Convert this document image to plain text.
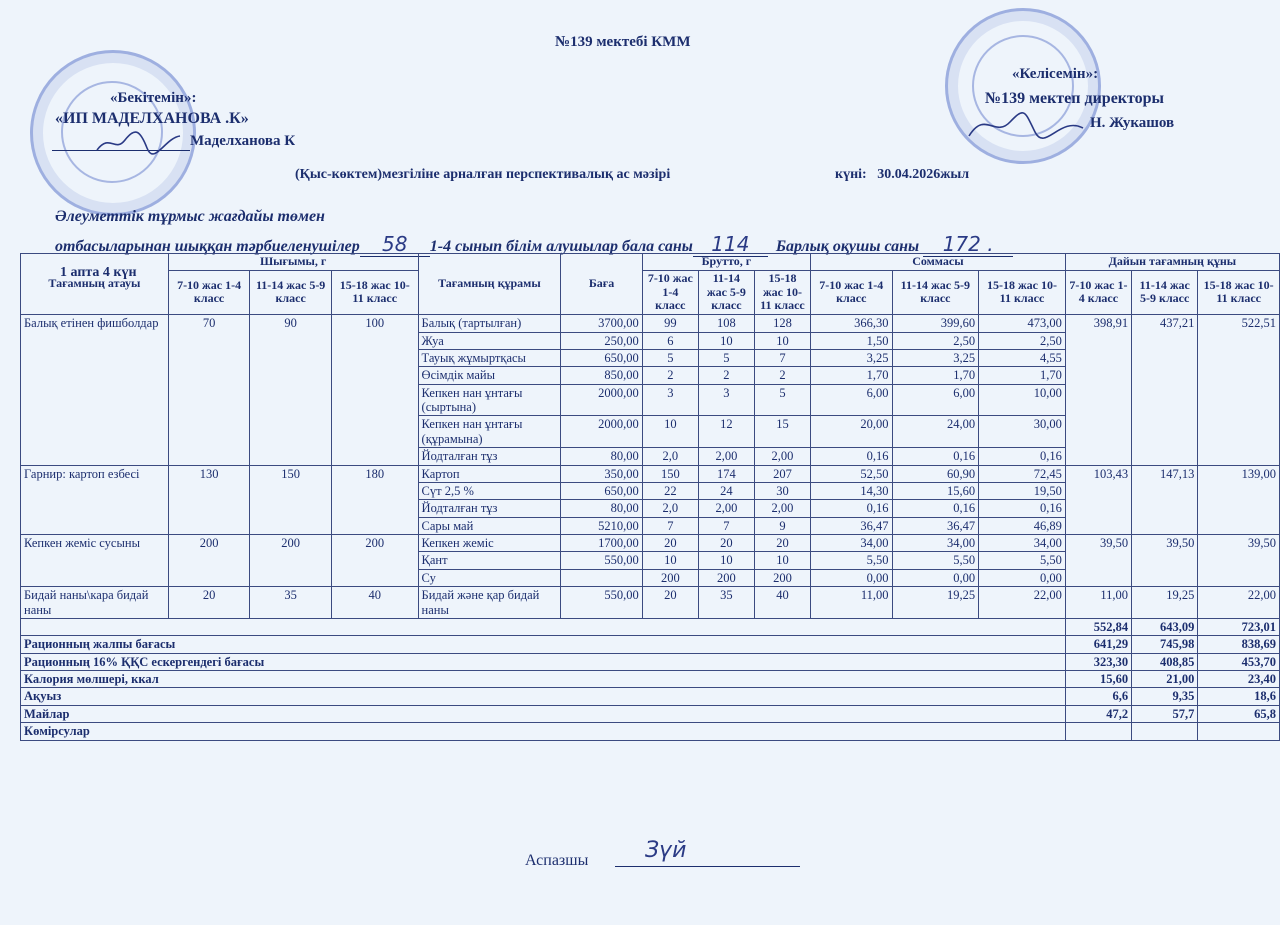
№139 мектебі КММ
«Бекітемін»:
«ИП МАДЕЛХАНОВА .К»
Маделханова К
«Келісемін»:
№139 мектеп директоры
Н. Жукашов
(Қыс-көктем)мезгіліне арналған перспективалық ас мәзірі	күні: 30.04.2026жыл
Әлеуметтік тұрмыс жағдайы төмен
отбасыларынан шыққан тәрбиеленушілер 58 1-4 сынып білім алушылар бала саны 114 Барлық оқушы саны 172 .
1 апта 4 күн
Тағамның атауы	Шығымы, г			Тағамның құрамы	Баға	Брутто, г			Соммасы			Дайын тағамның құны		
	7-10 жас 1-4 класс	11-14 жас 5-9 класс	15-18 жас 10-11 класс			7-10 жас 1-4 класс	11-14 жас 5-9 класс	15-18 жас 10-11 класс	7-10 жас 1-4 класс	11-14 жас 5-9 класс	15-18 жас 10-11 класс	7-10 жас 1-4 класс	11-14 жас 5-9 класс	15-18 жас 10-11 класс
Балық етінен фишболдар	70	90	100	Балық (тартылған)	3700,00	99	108	128	366,30	399,60	473,00	398,91	437,21	522,51
				Жуа	250,00	6	10	10	1,50	2,50	2,50			
				Тауық жұмыртқасы	650,00	5	5	7	3,25	3,25	4,55			
				Өсімдік майы	850,00	2	2	2	1,70	1,70	1,70			
				Кепкен нан ұнтағы (сыртына)	2000,00	3	3	5	6,00	6,00	10,00			
				Кепкен нан ұнтағы (құрамына)	2000,00	10	12	15	20,00	24,00	30,00			
				Йодталған тұз	80,00	2,0	2,00	2,00	0,16	0,16	0,16			
Гарнир: картоп езбесі	130	150	180	Картоп	350,00	150	174	207	52,50	60,90	72,45	103,43	147,13	139,00
				Сүт 2,5 %	650,00	22	24	30	14,30	15,60	19,50			
				Йодталған тұз	80,00	2,0	2,00	2,00	0,16	0,16	0,16			
				Сары май	5210,00	7	7	9	36,47	36,47	46,89			
Кепкен жеміс сусыны	200	200	200	Кепкен жеміс	1700,00	20	20	20	34,00	34,00	34,00	39,50	39,50	39,50
				Қант	550,00	10	10	10	5,50	5,50	5,50			
				Су		200	200	200	0,00	0,00	0,00			
Бидай наны\кара бидай наны	20	35	40	Бидай және қар бидай наны	550,00	20	35	40	11,00	19,25	22,00	11,00	19,25	22,00
												552,84	643,09	723,01
Рационның жалпы бағасы												641,29	745,98	838,69
Рационның 16% ҚҚС ескергендегі бағасы												323,30	408,85	453,70
Калория мөлшері, ккал												15,60	21,00	23,40
Ақуыз												6,6	9,35	18,6
Майлар												47,2	57,7	65,8
Көмірсулар														
Аспазшы	Зүй
